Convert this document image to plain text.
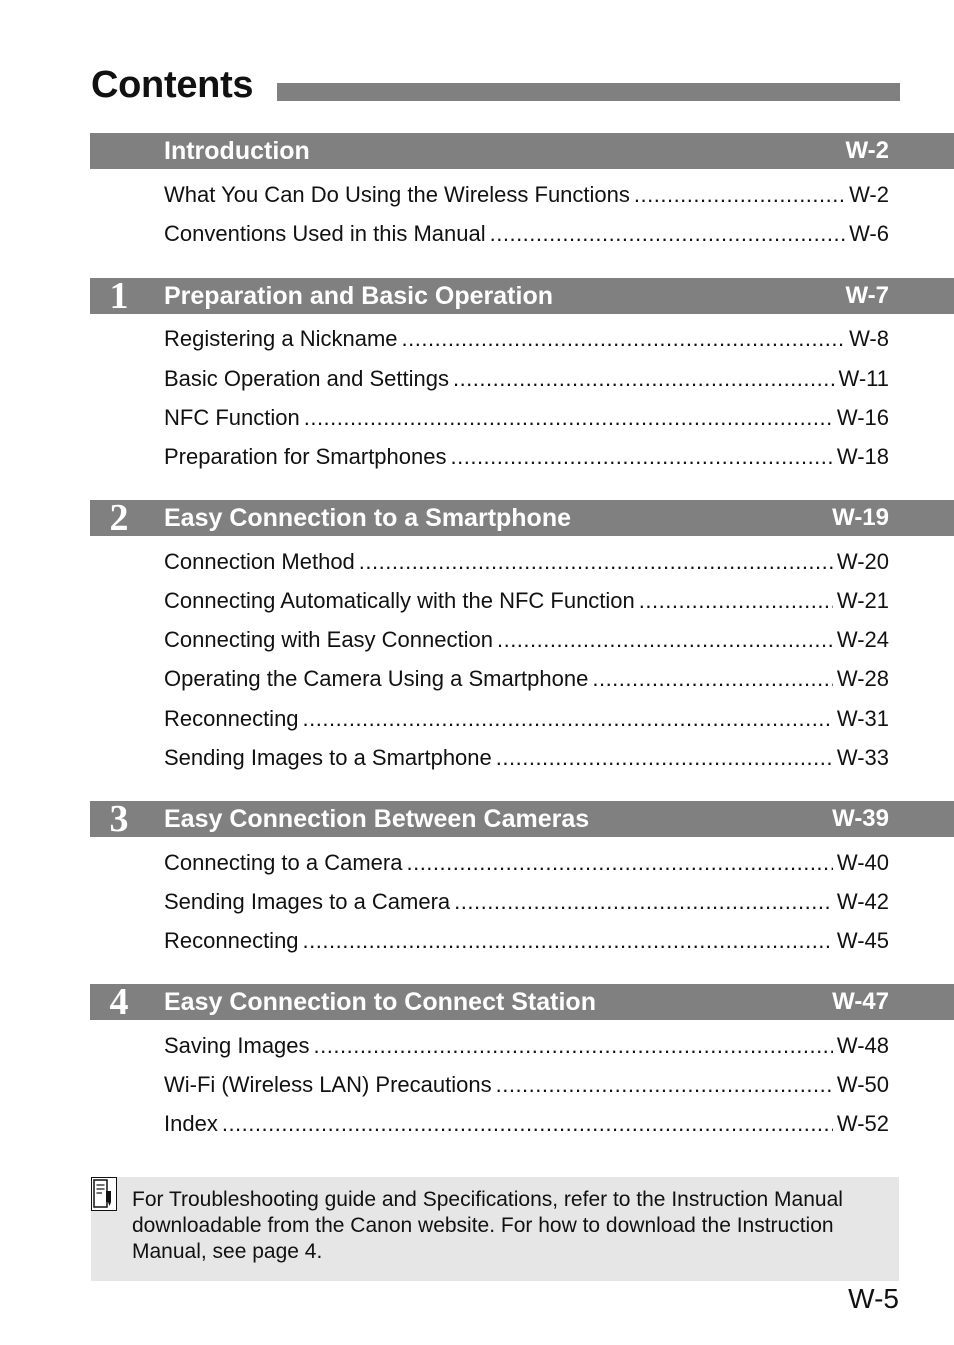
Contents
Introduction	W-2
What You Can Do Using the Wireless Functions .....	W-2
Conventions Used in this Manual .....	W-6
1 Preparation and Basic Operation	W-7
Registering a Nickname .....	W-8
Basic Operation and Settings .....	W-11
NFC Function .....	W-16
Preparation for Smartphones .....	W-18
2 Easy Connection to a Smartphone	W-19
Connection Method .....	W-20
Connecting Automatically with the NFC Function .....	W-21
Connecting with Easy Connection .....	W-24
Operating the Camera Using a Smartphone .....	W-28
Reconnecting .....	W-31
Sending Images to a Smartphone .....	W-33
3 Easy Connection Between Cameras	W-39
Connecting to a Camera .....	W-40
Sending Images to a Camera .....	W-42
Reconnecting .....	W-45
4 Easy Connection to Connect Station	W-47
Saving Images .....	W-48
Wi-Fi (Wireless LAN) Precautions .....	W-50
Index .....	W-52
For Troubleshooting guide and Specifications, refer to the Instruction Manual downloadable from the Canon website. For how to download the Instruction Manual, see page 4.
W-5
